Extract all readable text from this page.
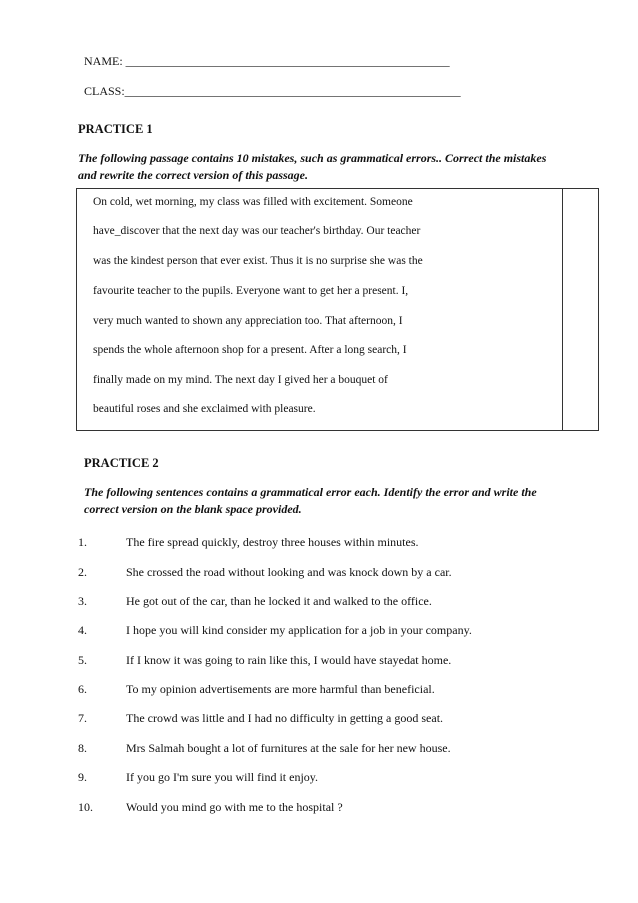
NAME: ______________________________________________________
CLASS:________________________________________________________
PRACTICE 1
The following passage contains 10 mistakes, such as grammatical errors.. Correct the mistakes and rewrite the correct version of this passage.
On cold, wet morning, my class was filled with excitement. Someone
have_discover that the next day was our teacher's birthday. Our teacher
was the kindest person that ever exist. Thus it is no surprise she was the
favourite teacher to the pupils. Everyone want to get her a present. I,
very much wanted to shown any appreciation too. That afternoon, I
spends the whole afternoon shop for a present. After a long search, I
finally made on my mind. The next day I gived her a bouquet of
beautiful roses and she exclaimed with pleasure.
PRACTICE 2
The following sentences contains a grammatical error each. Identify the error and write the correct version on the blank space provided.
1.	The fire spread quickly, destroy three houses within minutes.
2.	She crossed the road without looking and was knock down by a car.
3.	He got out of the car, than he locked it and walked to the office.
4.	I hope you will kind consider my application for a job in your company.
5.	If I know it was going to rain like this, I would have stayedat home.
6.	To my opinion advertisements are more harmful than beneficial.
7.	The crowd was little and I had no difficulty in getting a good seat.
8.	Mrs Salmah bought a lot of furnitures at the sale for her new house.
9.	If you go I'm sure you will find it enjoy.
10.	Would you mind go with me to the hospital ?
